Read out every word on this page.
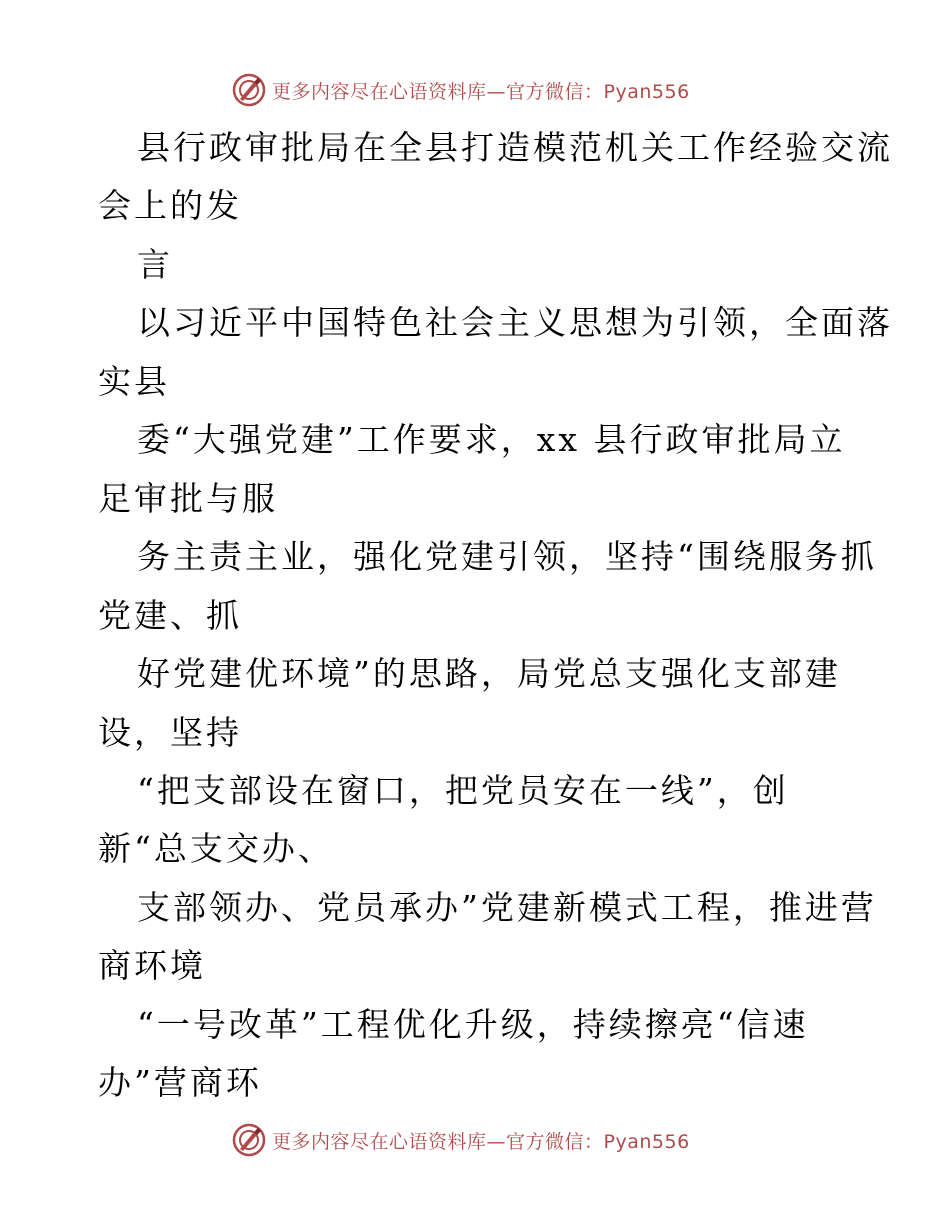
更多内容尽在心语资料库—官方微信：Pyan556
县行政审批局在全县打造模范机关工作经验交流
会上的发
言
以习近平中国特色社会主义思想为引领，全面落
实县
委“大强党建”工作要求，xx 县行政审批局立
足审批与服
务主责主业，强化党建引领，坚持“围绕服务抓
党建、抓
好党建优环境”的思路，局党总支强化支部建
设，坚持
“把支部设在窗口，把党员安在一线”，创
新“总支交办、
支部领办、党员承办”党建新模式工程，推进营
商环境
“一号改革”工程优化升级，持续擦亮“信速
办”营商环
更多内容尽在心语资料库—官方微信：Pyan556
